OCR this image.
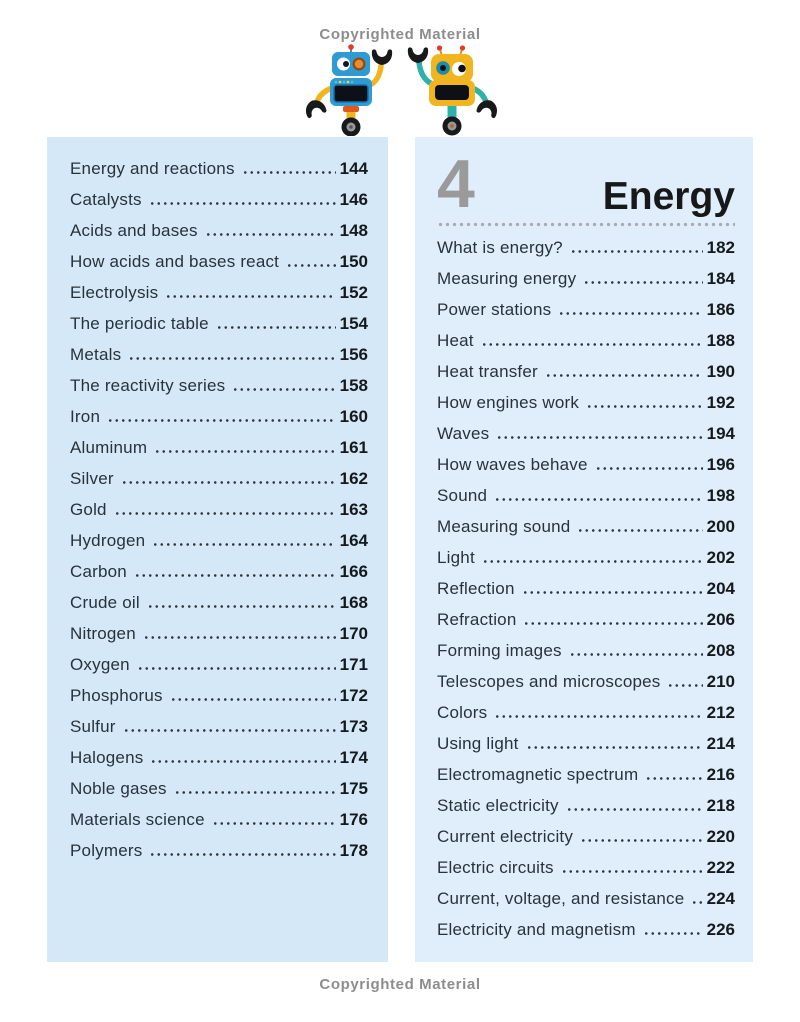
Copyrighted Material
Energy and reactions	144
Catalysts	146
Acids and bases	148
How acids and bases react	150
Electrolysis	152
The periodic table	154
Metals	156
The reactivity series	158
Iron	160
Aluminum	161
Silver	162
Gold	163
Hydrogen	164
Carbon	166
Crude oil	168
Nitrogen	170
Oxygen	171
Phosphorus	172
Sulfur	173
Halogens	174
Noble gases	175
Materials science	176
Polymers	178
4	Energy
What is energy?	182
Measuring energy	184
Power stations	186
Heat	188
Heat transfer	190
How engines work	192
Waves	194
How waves behave	196
Sound	198
Measuring sound	200
Light	202
Reflection	204
Refraction	206
Forming images	208
Telescopes and microscopes	210
Colors	212
Using light	214
Electromagnetic spectrum	216
Static electricity	218
Current electricity	220
Electric circuits	222
Current, voltage, and resistance 224
Electricity and magnetism	226
Copyrighted Material
